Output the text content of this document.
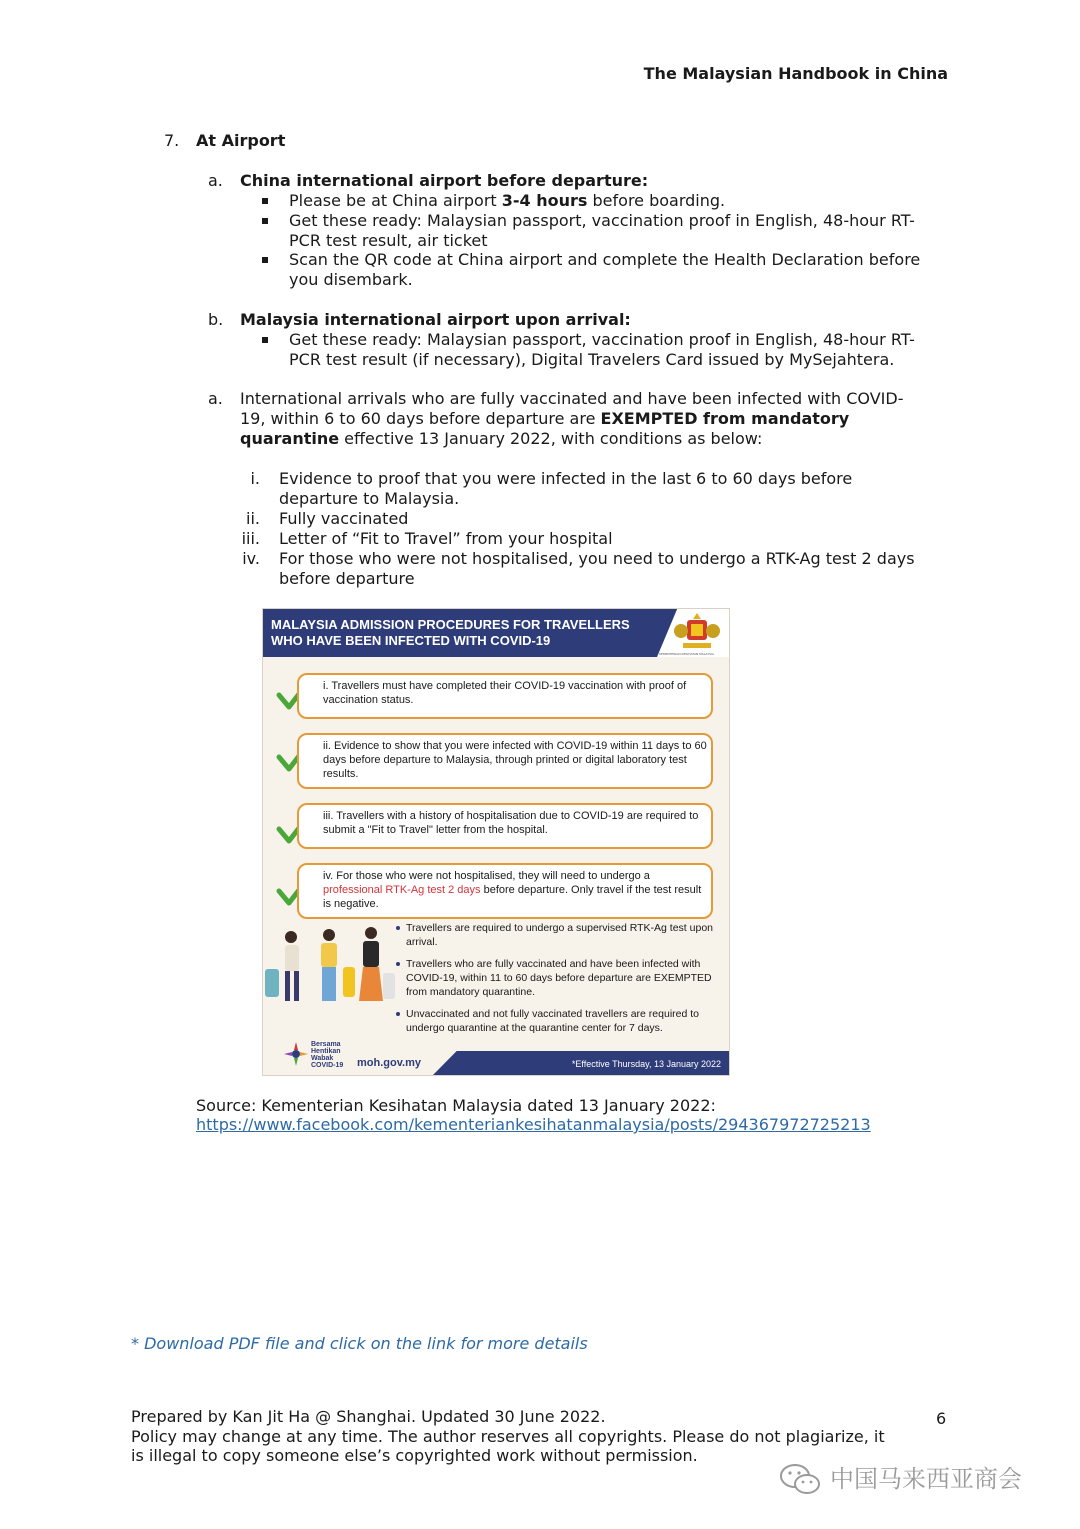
The Malaysian Handbook in China
7. At Airport
a. China international airport before departure:
Please be at China airport 3-4 hours before boarding.
Get these ready: Malaysian passport, vaccination proof in English, 48-hour RT-
PCR test result, air ticket
Scan the QR code at China airport and complete the Health Declaration before
you disembark.
b. Malaysia international airport upon arrival:
Get these ready: Malaysian passport, vaccination proof in English, 48-hour RT-
PCR test result (if necessary), Digital Travelers Card issued by MySejahtera.
a. International arrivals who are fully vaccinated and have been infected with COVID-
19, within 6 to 60 days before departure are EXEMPTED from mandatory
quarantine effective 13 January 2022, with conditions as below:
i. Evidence to proof that you were infected in the last 6 to 60 days before
departure to Malaysia.
ii. Fully vaccinated
iii. Letter of “Fit to Travel” from your hospital
iv. For those who were not hospitalised, you need to undergo a RTK-Ag test 2 days
before departure
MALAYSIA ADMISSION PROCEDURES FOR TRAVELLERS
WHO HAVE BEEN INFECTED WITH COVID-19
KEMENTERIAN KESIHATAN MALAYSIA
i. Travellers must have completed their COVID-19 vaccination with proof of vaccination status.
ii. Evidence to show that you were infected with COVID-19 within 11 days to 60 days before departure to Malaysia, through printed or digital laboratory test results.
iii. Travellers with a history of hospitalisation due to COVID-19 are required to submit a "Fit to Travel" letter from the hospital.
iv. For those who were not hospitalised, they will need to undergo a professional RTK-Ag test 2 days before departure. Only travel if the test result is negative.
Travellers are required to undergo a supervised RTK-Ag test upon arrival.
Travellers who are fully vaccinated and have been infected with COVID-19, within 11 to 60 days before departure are EXEMPTED from mandatory quarantine.
Unvaccinated and not fully vaccinated travellers are required to undergo quarantine at the quarantine center for 7 days.
Bersama Hentikan Wabak COVID-19	moh.gov.my	*Effective Thursday, 13 January 2022
Source: Kementerian Kesihatan Malaysia dated 13 January 2022:
https://www.facebook.com/kementeriankesihatanmalaysia/posts/294367972725213
* Download PDF file and click on the link for more details
Prepared by Kan Jit Ha @ Shanghai. Updated 30 June 2022.
Policy may change at any time. The author reserves all copyrights. Please do not plagiarize, it
is illegal to copy someone else’s copyrighted work without permission.
6
中国马来西亚商会
